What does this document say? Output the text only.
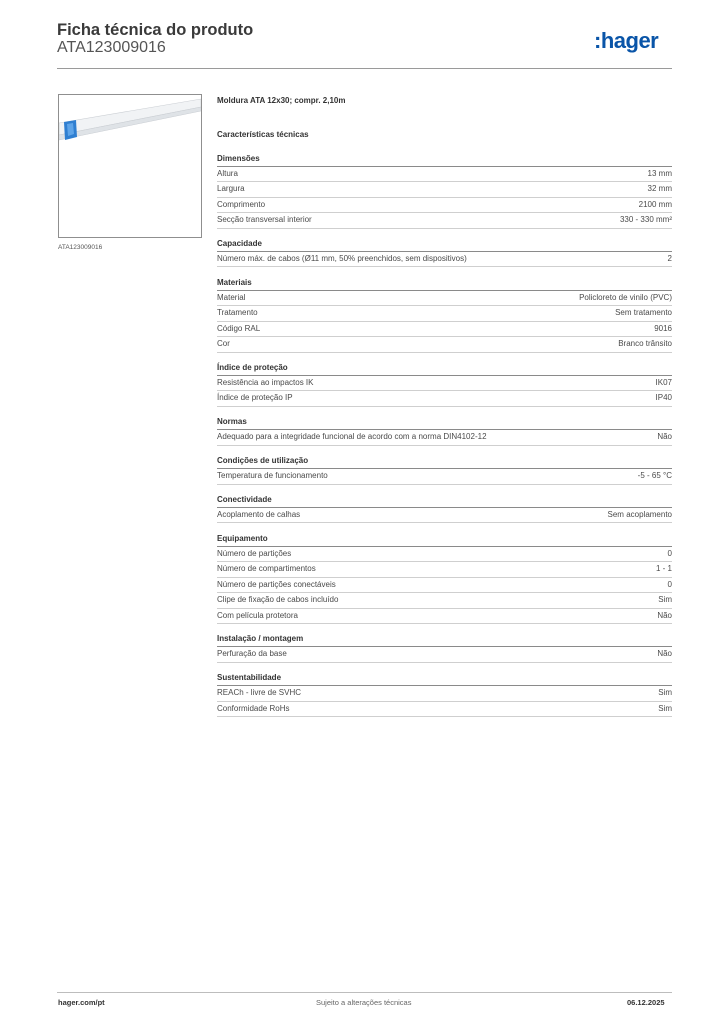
Ficha técnica do produto
ATA123009016	:hager
ATA123009016
Moldura ATA 12x30; compr. 2,10m
Características técnicas
Dimensões
Altura	13 mm
Largura	32 mm
Comprimento	2100 mm
Secção transversal interior	330 - 330 mm²
Capacidade
Número máx. de cabos (Ø11 mm, 50% preenchidos, sem dispositivos)	2
Materiais
Material	Policloreto de vinilo (PVC)
Tratamento	Sem tratamento
Código RAL	9016
Cor	Branco trânsito
Índice de proteção
Resistência ao impactos IK	IK07
Índice de proteção IP	IP40
Normas
Adequado para a integridade funcional de acordo com a norma DIN4102-12	Não
Condições de utilização
Temperatura de funcionamento	-5 - 65 °C
Conectividade
Acoplamento de calhas	Sem acoplamento
Equipamento
Número de partições	0
Número de compartimentos	1 - 1
Número de partições conectáveis	0
Clipe de fixação de cabos incluído	Sim
Com película protetora	Não
Instalação / montagem
Perfuração da base	Não
Sustentabilidade
REACh - livre de SVHC	Sim
Conformidade RoHs	Sim
hager.com/pt	Sujeito a alterações técnicas	06.12.2025
